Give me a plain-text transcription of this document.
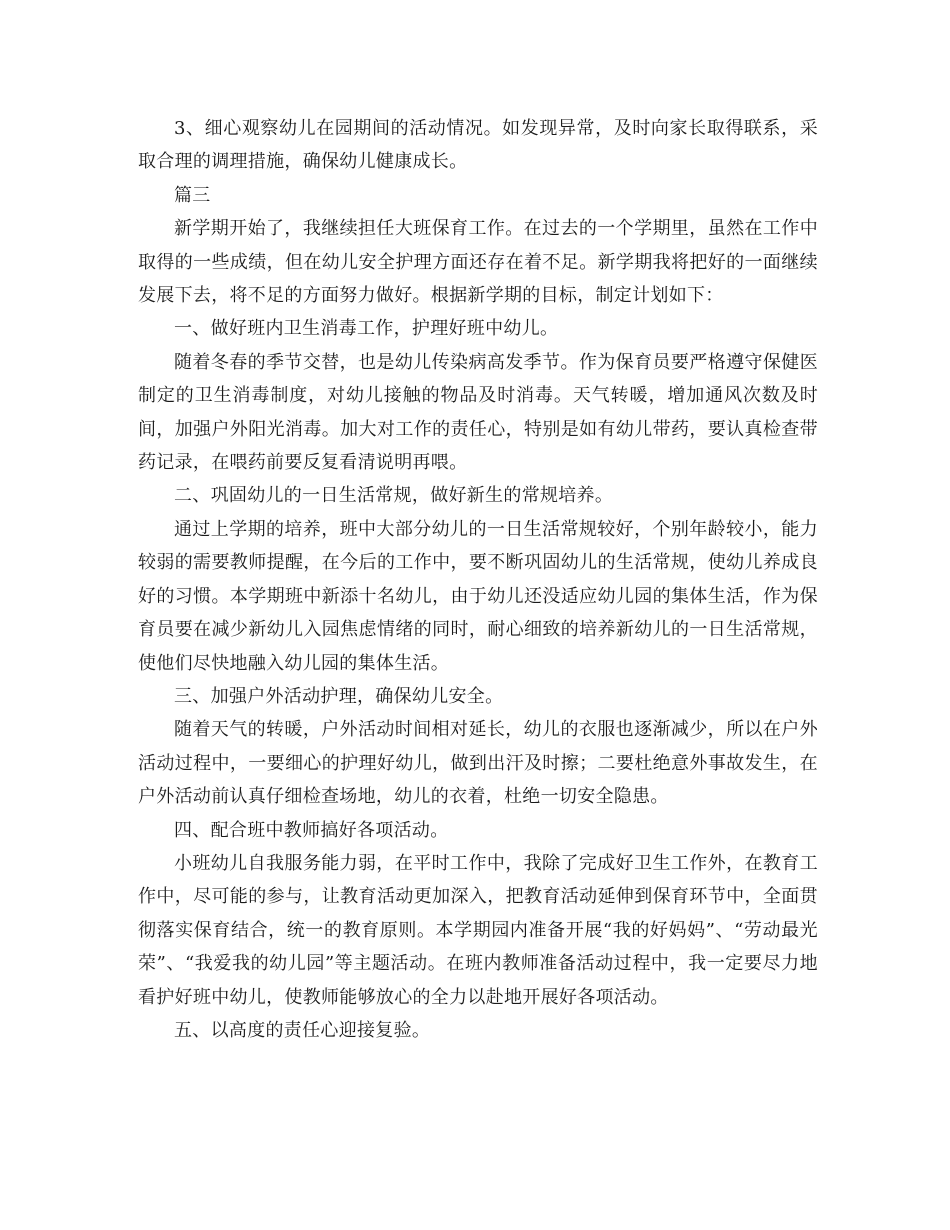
3、细心观察幼儿在园期间的活动情况。如发现异常，及时向家长取得联系，采取合理的调理措施，确保幼儿健康成长。

篇三

新学期开始了，我继续担任大班保育工作。在过去的一个学期里，虽然在工作中取得的一些成绩，但在幼儿安全护理方面还存在着不足。新学期我将把好的一面继续发展下去，将不足的方面努力做好。根据新学期的目标，制定计划如下：

一、做好班内卫生消毒工作，护理好班中幼儿。

随着冬春的季节交替，也是幼儿传染病高发季节。作为保育员要严格遵守保健医制定的卫生消毒制度，对幼儿接触的物品及时消毒。天气转暖，增加通风次数及时间，加强户外阳光消毒。加大对工作的责任心，特别是如有幼儿带药，要认真检查带药记录，在喂药前要反复看清说明再喂。

二、巩固幼儿的一日生活常规，做好新生的常规培养。

通过上学期的培养，班中大部分幼儿的一日生活常规较好，个别年龄较小，能力较弱的需要教师提醒，在今后的工作中，要不断巩固幼儿的生活常规，使幼儿养成良好的习惯。本学期班中新添十名幼儿，由于幼儿还没适应幼儿园的集体生活，作为保育员要在减少新幼儿入园焦虑情绪的同时，耐心细致的培养新幼儿的一日生活常规，使他们尽快地融入幼儿园的集体生活。

三、加强户外活动护理，确保幼儿安全。

随着天气的转暖，户外活动时间相对延长，幼儿的衣服也逐渐减少，所以在户外活动过程中，一要细心的护理好幼儿，做到出汗及时擦；二要杜绝意外事故发生，在户外活动前认真仔细检查场地，幼儿的衣着，杜绝一切安全隐患。

四、配合班中教师搞好各项活动。

小班幼儿自我服务能力弱，在平时工作中，我除了完成好卫生工作外，在教育工作中，尽可能的参与，让教育活动更加深入，把教育活动延伸到保育环节中，全面贯彻落实保育结合，统一的教育原则。本学期园内准备开展“我的好妈妈”、“劳动最光荣”、“我爱我的幼儿园”等主题活动。在班内教师准备活动过程中，我一定要尽力地看护好班中幼儿，使教师能够放心的全力以赴地开展好各项活动。

五、以高度的责任心迎接复验。
